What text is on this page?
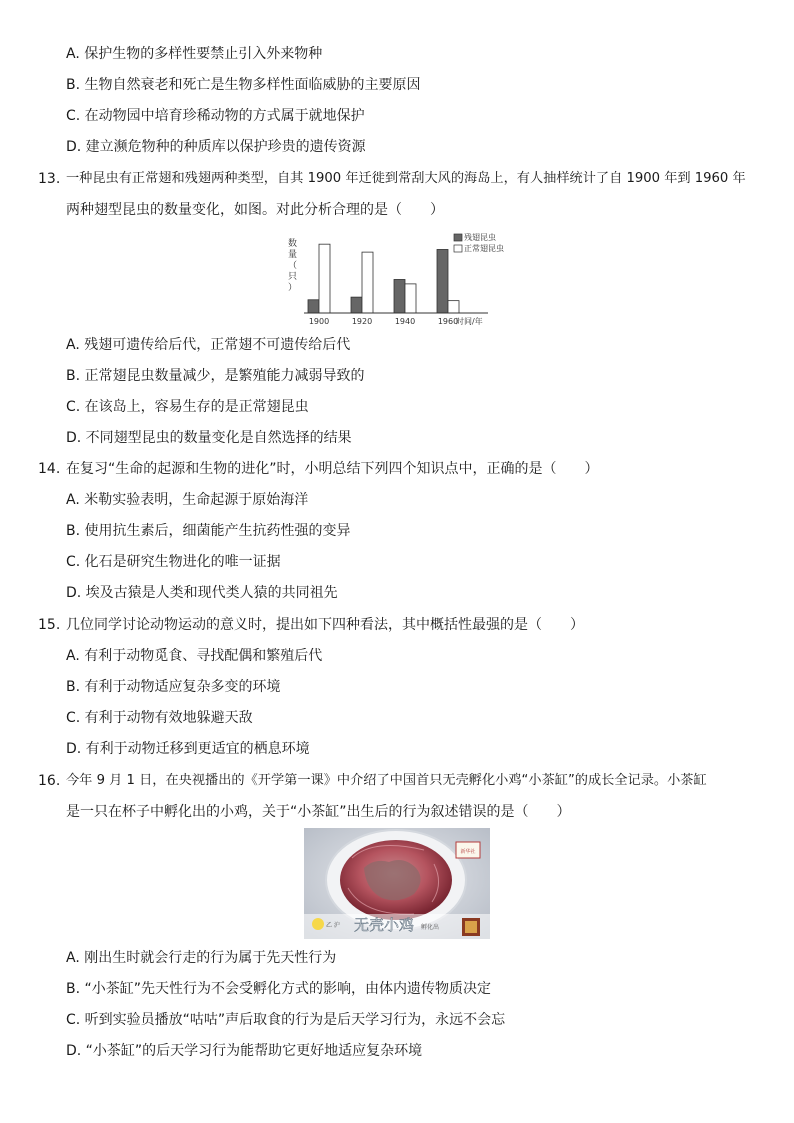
A. 保护生物的多样性要禁止引入外来物种
B. 生物自然衰老和死亡是生物多样性面临威胁的主要原因
C. 在动物园中培育珍稀动物的方式属于就地保护
D. 建立濒危物种的种质库以保护珍贵的遗传资源
13. 一种昆虫有正常翅和残翅两种类型，自其 1900 年迁徙到常刮大风的海岛上，有人抽样统计了自 1900 年到 1960 年
两种翅型昆虫的数量变化，如图。对此分析合理的是（　　）
数量（只）
1900	1920	1940	1960
时间/年
残翅昆虫
正常翅昆虫
A. 残翅可遗传给后代，正常翅不可遗传给后代
B. 正常翅昆虫数量减少，是繁殖能力减弱导致的
C. 在该岛上，容易生存的是正常翅昆虫
D. 不同翅型昆虫的数量变化是自然选择的结果
14. 在复习“生命的起源和生物的进化”时，小明总结下列四个知识点中，正确的是（　　）
A. 米勒实验表明，生命起源于原始海洋
B. 使用抗生素后，细菌能产生抗药性强的变异
C. 化石是研究生物进化的唯一证据
D. 埃及古猿是人类和现代类人猿的共同祖先
15. 几位同学讨论动物运动的意义时，提出如下四种看法，其中概括性最强的是（　　）
A. 有利于动物觅食、寻找配偶和繁殖后代
B. 有利于动物适应复杂多变的环境
C. 有利于动物有效地躲避天敌
D. 有利于动物迁移到更适宜的栖息环境
16. 今年 9 月 1 日，在央视播出的《开学第一课》中介绍了中国首只无壳孵化小鸡“小茶缸”的成长全记录。小茶缸
是一只在杯子中孵化出的小鸡，关于“小茶缸”出生后的行为叙述错误的是（　　）
新华社
乙 沪 无壳小鸡 孵化出
A. 刚出生时就会行走的行为属于先天性行为
B. “小茶缸”先天性行为不会受孵化方式的影响，由体内遗传物质决定
C. 听到实验员播放“咕咕”声后取食的行为是后天学习行为，永远不会忘
D. “小茶缸”的后天学习行为能帮助它更好地适应复杂环境
